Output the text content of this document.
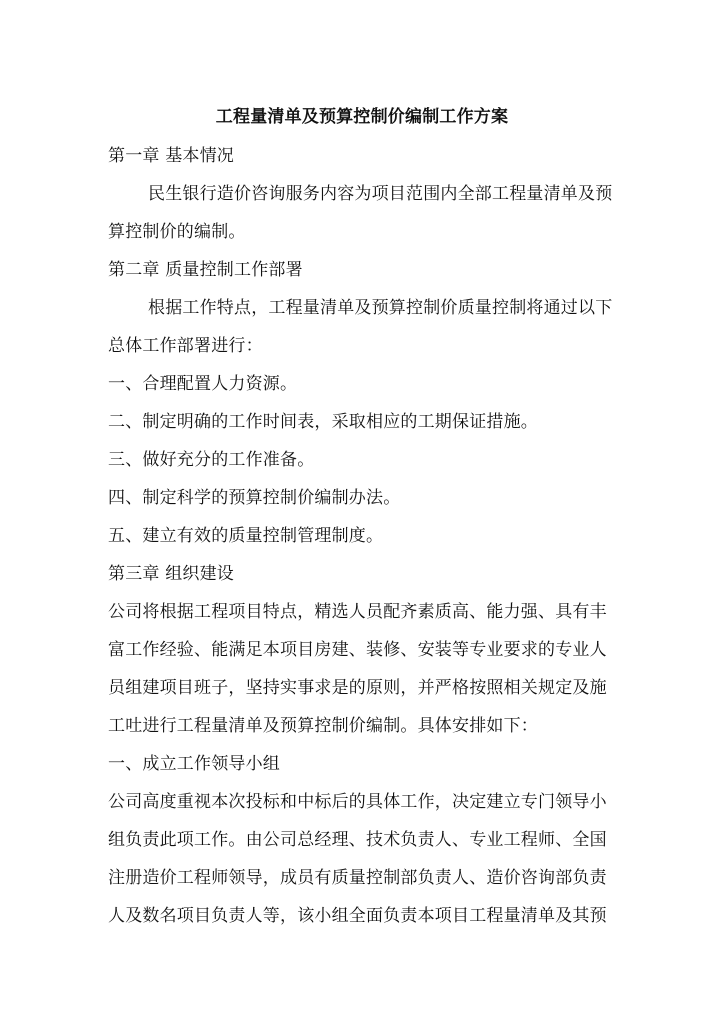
工程量清单及预算控制价编制工作方案
第一章 基本情况
民生银行造价咨询服务内容为项目范围内全部工程量清单及预
算控制价的编制。
第二章 质量控制工作部署
根据工作特点，工程量清单及预算控制价质量控制将通过以下
总体工作部署进行：
一、合理配置人力资源。
二、制定明确的工作时间表，采取相应的工期保证措施。
三、做好充分的工作准备。
四、制定科学的预算控制价编制办法。
五、建立有效的质量控制管理制度。
第三章 组织建设
公司将根据工程项目特点，精选人员配齐素质高、能力强、具有丰
富工作经验、能满足本项目房建、装修、安装等专业要求的专业人
员组建项目班子，坚持实事求是的原则，并严格按照相关规定及施
工吐进行工程量清单及预算控制价编制。具体安排如下：
一、成立工作领导小组
公司高度重视本次投标和中标后的具体工作，决定建立专门领导小
组负责此项工作。由公司总经理、技术负责人、专业工程师、全国
注册造价工程师领导，成员有质量控制部负责人、造价咨询部负责
人及数名项目负责人等，该小组全面负责本项目工程量清单及其预
